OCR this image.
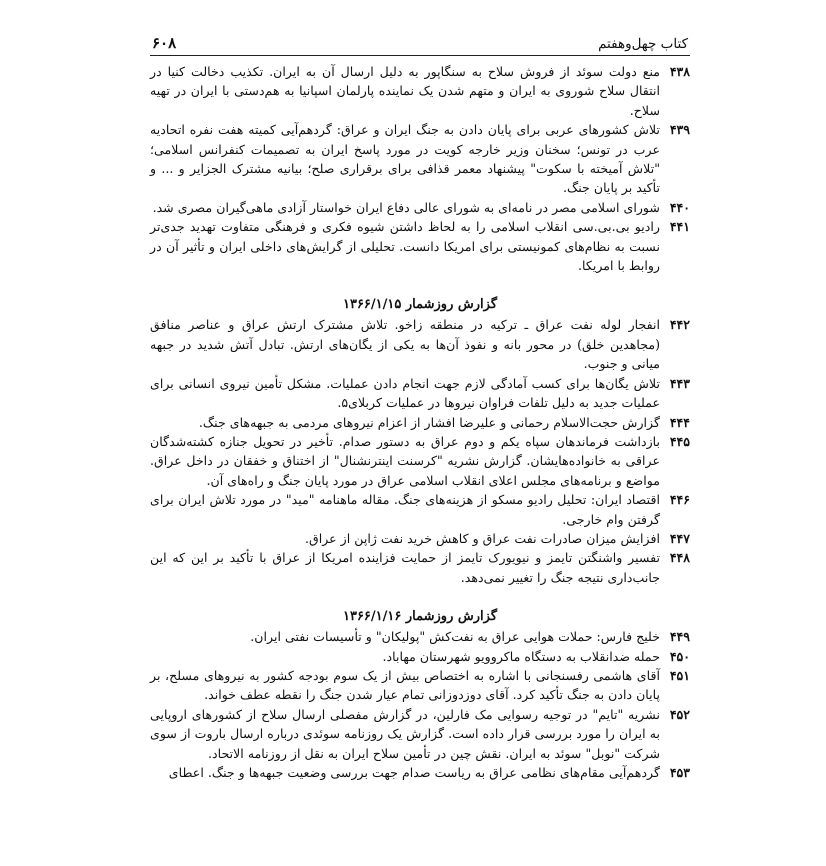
کتاب چهل‌وهفتم
۶۰۸
۴۳۸
منع دولت سوئد از فروش سلاح به سنگاپور به دلیل ارسال آن به ایران. تکذیب دخالت کنیا در انتقال سلاح شوروی به ایران و متهم شدن یک نماینده پارلمان اسپانیا به هم‌دستی با ایران در تهیه سلاح.
۴۳۹
تلاش کشورهای عربی برای پایان دادن به جنگ ایران و عراق: گردهم‌آیی کمیته هفت نفره اتحادیه عرب در تونس؛ سخنان وزیر خارجه کویت در مورد پاسخ ایران به تصمیمات کنفرانس اسلامی؛ "تلاش آمیخته با سکوت" پیشنهاد معمر قذافی برای برقراری صلح؛ بیانیه مشترک الجزایر و ... و تأکید بر پایان جنگ.
۴۴۰
شورای اسلامی مصر در نامه‌ای به شورای عالی دفاع ایران خواستار آزادی ماهی‌گیران مصری شد.
۴۴۱
رادیو بی.بی.سی انقلاب اسلامی را به لحاظ داشتن شیوه فکری و فرهنگی متفاوت تهدید جدی‌تر نسبت به نظام‌های کمونیستی برای امریکا دانست. تحلیلی از گرایش‌های داخلی ایران و تأثیر آن در روابط با امریکا.
گزارش روزشمار ۱۳۶۶/۱/۱۵
۴۴۲
انفجار لوله نفت عراق ـ ترکیه در منطقه زاخو. تلاش مشترک ارتش عراق و عناصر منافق (مجاهدین خلق) در محور بانه و نفوذ آن‌ها به یکی از یگان‌های ارتش. تبادل آتش شدید در جبهه میانی و جنوب.
۴۴۳
تلاش یگان‌ها برای کسب آمادگی لازم جهت انجام دادن عملیات. مشکل تأمین نیروی انسانی برای عملیات جدید به دلیل تلفات فراوان نیروها در عملیات کربلای۵.
۴۴۴
گزارش حجت‌الاسلام رحمانی و علیرضا افشار از اعزام نیروهای مردمی به جبهه‌های جنگ.
۴۴۵
بازداشت فرماندهان سپاه یکم و دوم عراق به دستور صدام. تأخیر در تحویل جنازه کشته‌شدگان عراقی به خانواده‌هایشان. گزارش نشریه "کرسنت اینترنشنال" از اختناق و خفقان در داخل عراق. مواضع و برنامه‌های مجلس اعلای انقلاب اسلامی عراق در مورد پایان جنگ و راه‌های آن.
۴۴۶
اقتصاد ایران: تحلیل رادیو مسکو از هزینه‌های جنگ. مقاله ماهنامه "مید" در مورد تلاش ایران برای گرفتن وام خارجی.
۴۴۷
افزایش میزان صادرات نفت عراق و کاهش خرید نفت ژاپن از عراق.
۴۴۸
تفسیر واشنگتن تایمز و نیویورک تایمز از حمایت فزاینده امریکا از عراق با تأکید بر این که این جانب‌داری نتیجه جنگ را تغییر نمی‌دهد.
گزارش روزشمار ۱۳۶۶/۱/۱۶
۴۴۹
خلیج فارس: حملات هوایی عراق به نفت‌کش "پولیکان" و تأسیسات نفتی ایران.
۴۵۰
حمله ضدانقلاب به دستگاه ماکروویو شهرستان مهاباد.
۴۵۱
آقای هاشمی رفسنجانی با اشاره به اختصاص بیش از یک سوم بودجه کشور به نیروهای مسلح، بر پایان دادن به جنگ تأکید کرد. آقای دوزدوزانی تمام عیار شدن جنگ را نقطه عطف خواند.
۴۵۲
نشریه "تایم" در توجیه رسوایی مک فارلین، در گزارش مفصلی ارسال سلاح از کشورهای اروپایی به ایران را مورد بررسی قرار داده است. گزارش یک روزنامه سوئدی درباره ارسال باروت از سوی شرکت "نوبل" سوئد به ایران. نقش چین در تأمین سلاح ایران به نقل از روزنامه الاتحاد.
۴۵۳
گردهم‌آیی مقام‌های نظامی عراق به ریاست صدام جهت بررسی وضعیت جبهه‌ها و جنگ. اعطای
